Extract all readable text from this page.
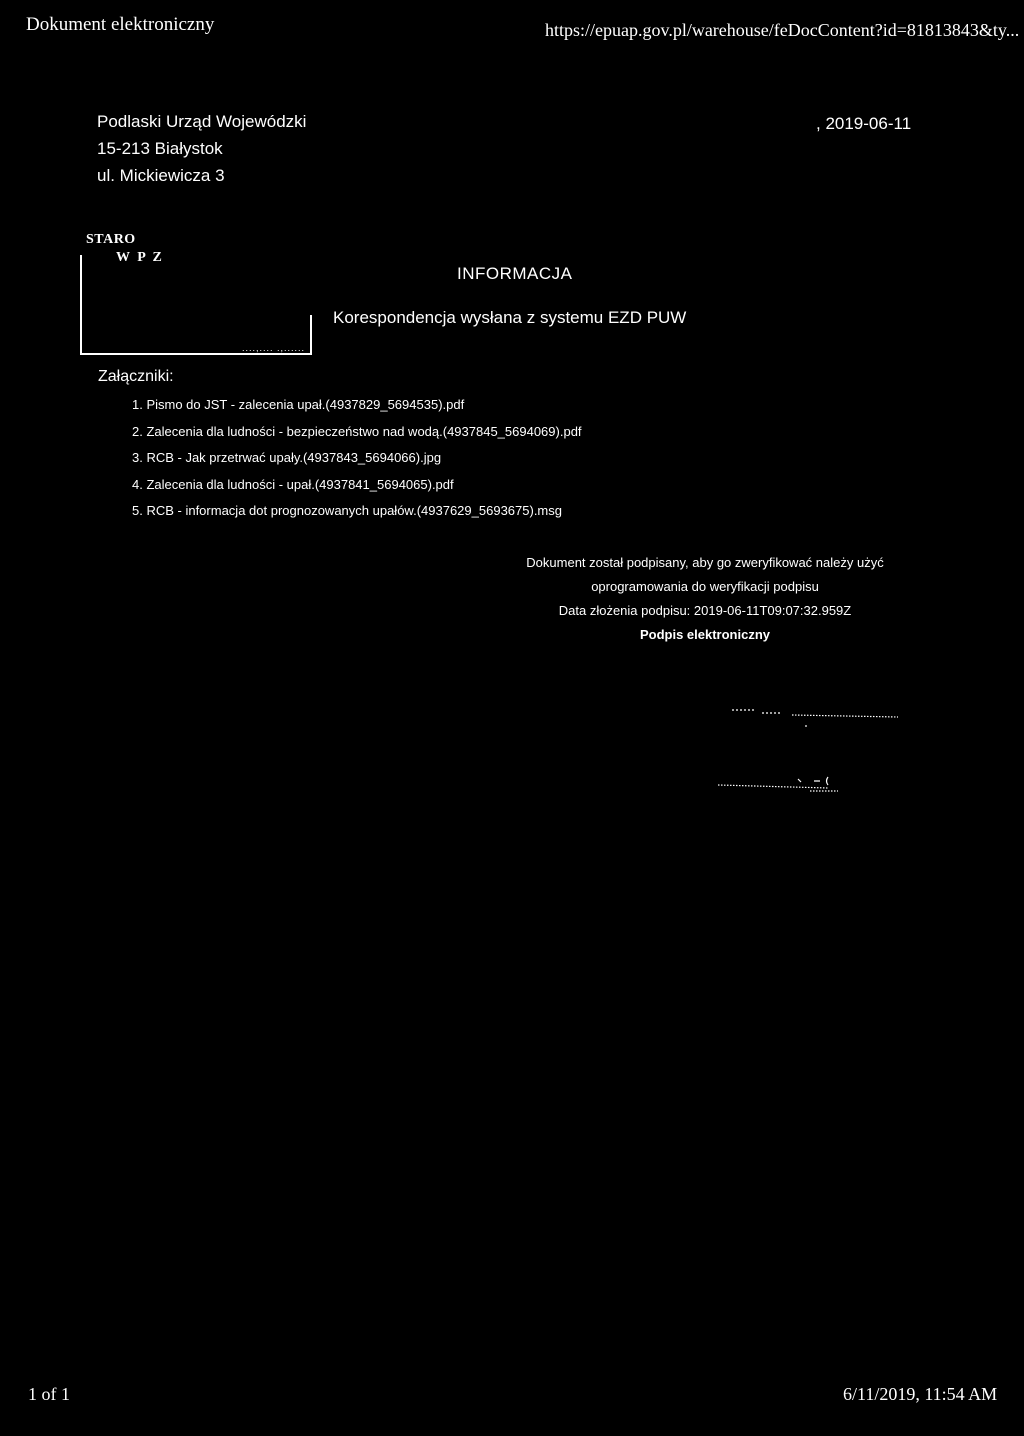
Dokument elektroniczny	https://epuap.gov.pl/warehouse/feDocContent?id=81813843&ty...
Podlaski Urząd Wojewódzki
15-213 Białystok
ul. Mickiewicza 3
, 2019-06-11
STARO
W P Z
....,.... .,......
INFORMACJA
Korespondencja wysłana z systemu EZD PUW
Załączniki:
1. Pismo do JST - zalecenia upał.(4937829_5694535).pdf
2. Zalecenia dla ludności - bezpieczeństwo nad wodą.(4937845_5694069).pdf
3. RCB - Jak przetrwać upały.(4937843_5694066).jpg
4. Zalecenia dla ludności - upał.(4937841_5694065).pdf
5. RCB - informacja dot prognozowanych upałów.(4937629_5693675).msg
Dokument został podpisany, aby go zweryfikować należy użyć
oprogramowania do weryfikacji podpisu
Data złożenia podpisu: 2019-06-11T09:07:32.959Z
Podpis elektroniczny
1 of 1	6/11/2019, 11:54 AM
